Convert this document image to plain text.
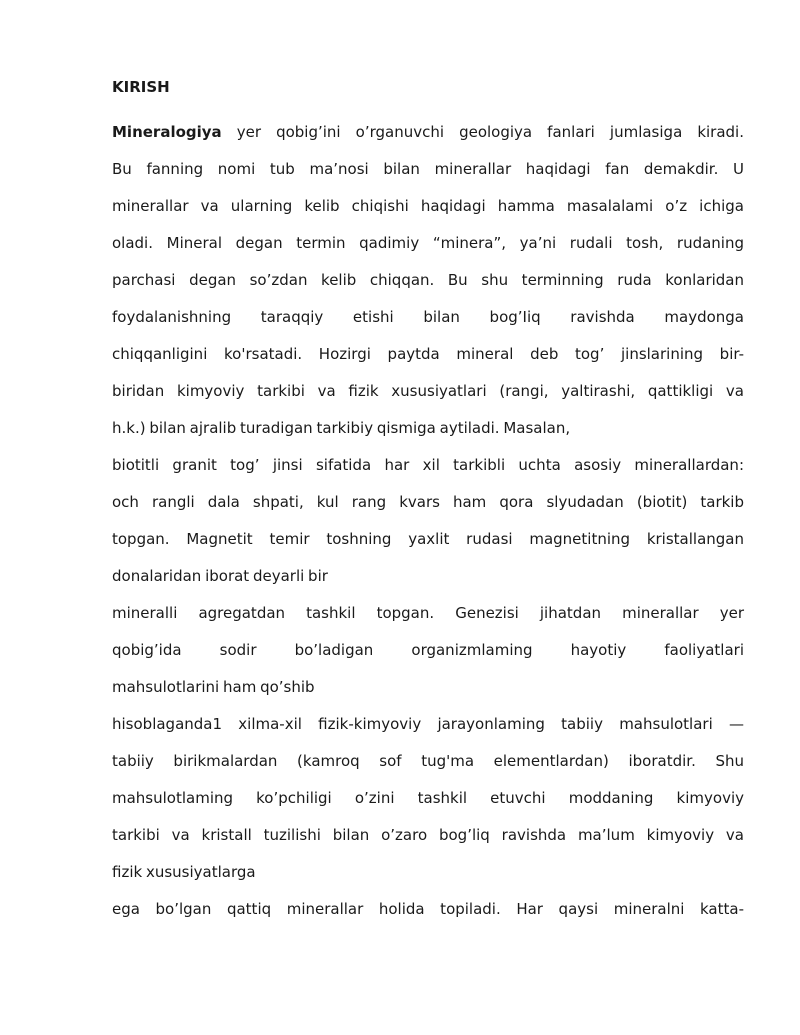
KIRISH
Mineralogiya yer qobig’ini o’rganuvchi geologiya fanlari jumlasiga kiradi.
Bu fanning nomi tub ma’nosi bilan minerallar haqidagi fan demakdir. U
minerallar va ularning kelib chiqishi haqidagi hamma masalalami o’z ichiga
oladi. Mineral degan termin qadimiy “minera”, ya’ni rudali tosh, rudaning
parchasi degan so’zdan kelib chiqqan. Bu shu terminning ruda konlaridan
foydalanishning taraqqiy etishi bilan bog’Iiq ravishda maydonga
chiqqanligini ko'rsatadi. Hozirgi paytda mineral deb tog’ jinslarining bir-
biridan kimyoviy tarkibi va fizik xususiyatlari (rangi, yaltirashi, qattikligi va
h.k.) bilan ajralib turadigan tarkibiy qismiga aytiladi. Masalan,
biotitli granit tog’ jinsi sifatida har xil tarkibli uchta asosiy minerallardan:
och rangli dala shpati, kul rang kvars ham qora slyudadan (biotit) tarkib
topgan. Magnetit temir toshning yaxlit rudasi magnetitning kristallangan
donalaridan iborat deyarli bir
mineralli agregatdan tashkil topgan. Genezisi jihatdan minerallar yer
qobig’ida sodir bo’ladigan organizmlaming hayotiy faoliyatlari
mahsulotlarini ham qo’shib
hisoblaganda1 xilma-xil fizik-kimyoviy jarayonlaming tabiiy mahsulotlari —
tabiiy birikmalardan (kamroq sof tug'ma elementlardan) iboratdir. Shu
mahsulotlaming ko’pchiligi o’zini tashkil etuvchi moddaning kimyoviy
tarkibi va kristall tuzilishi bilan o’zaro bog’liq ravishda ma’lum kimyoviy va
fizik xususiyatlarga
ega bo’lgan qattiq minerallar holida topiladi. Har qaysi mineralni katta-
